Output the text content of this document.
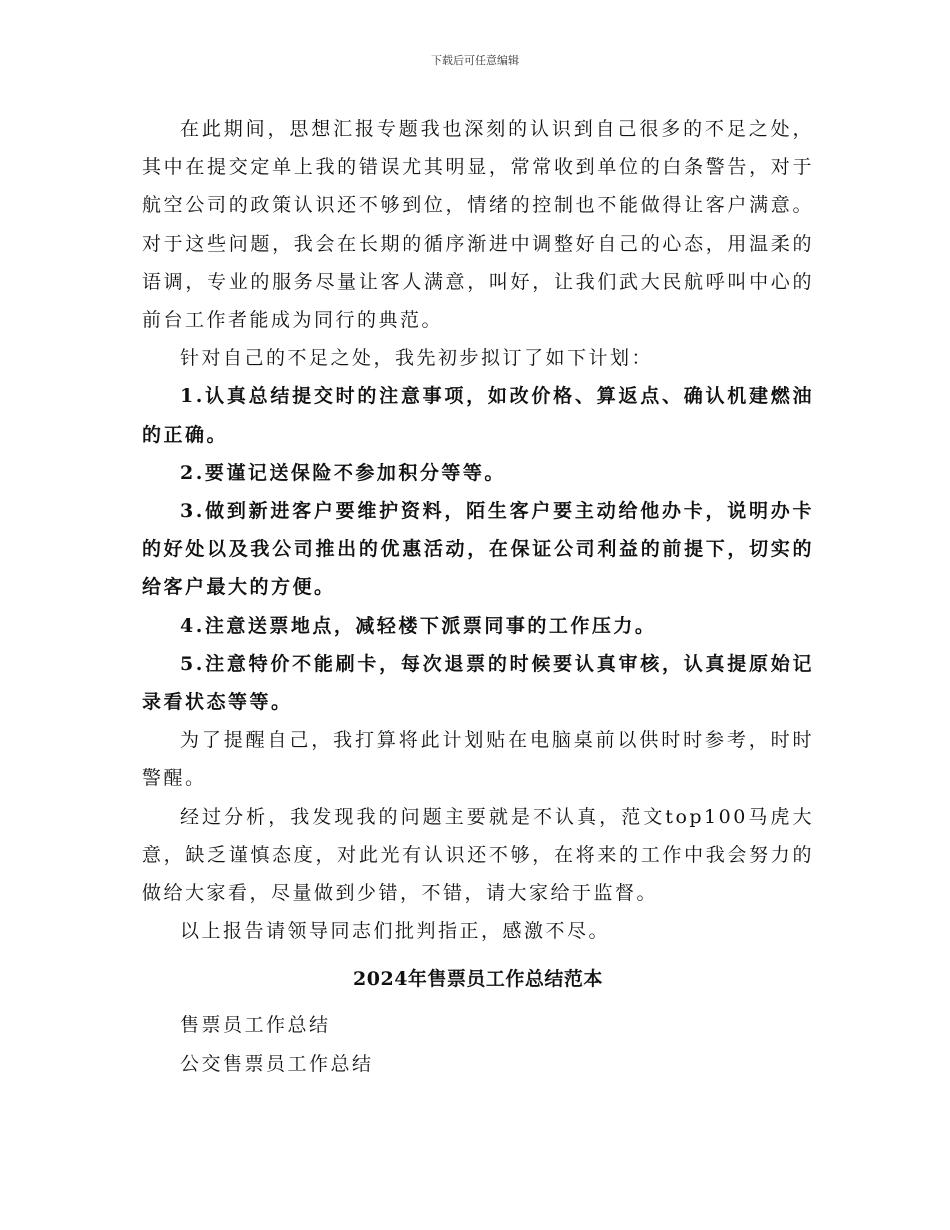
下载后可任意编辑

在此期间，思想汇报专题我也深刻的认识到自己很多的不足之处，其中在提交定单上我的错误尤其明显，常常收到单位的白条警告，对于航空公司的政策认识还不够到位，情绪的控制也不能做得让客户满意。对于这些问题，我会在长期的循序渐进中调整好自己的心态，用温柔的语调，专业的服务尽量让客人满意，叫好，让我们武大民航呼叫中心的前台工作者能成为同行的典范。

针对自己的不足之处，我先初步拟订了如下计划：

1.认真总结提交时的注意事项，如改价格、算返点、确认机建燃油的正确。

2.要谨记送保险不参加积分等等。

3.做到新进客户要维护资料，陌生客户要主动给他办卡，说明办卡的好处以及我公司推出的优惠活动，在保证公司利益的前提下，切实的给客户最大的方便。

4.注意送票地点，减轻楼下派票同事的工作压力。

5.注意特价不能刷卡，每次退票的时候要认真审核，认真提原始记录看状态等等。

为了提醒自己，我打算将此计划贴在电脑桌前以供时时参考，时时警醒。

经过分析，我发现我的问题主要就是不认真，范文top100马虎大意，缺乏谨慎态度，对此光有认识还不够，在将来的工作中我会努力的做给大家看，尽量做到少错，不错，请大家给于监督。

以上报告请领导同志们批判指正，感激不尽。

2024年售票员工作总结范本

售票员工作总结

公交售票员工作总结
